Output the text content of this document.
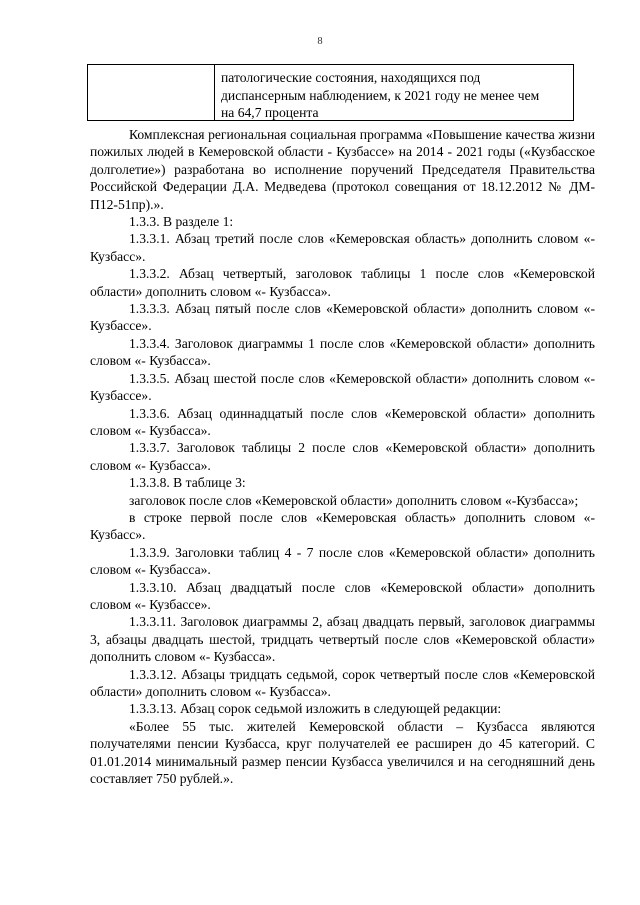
8
патологические состояния, находящихся под
диспансерным наблюдением, к 2021 году не менее чем
на 64,7 процента

Комплексная региональная социальная программа «Повышение качества жизни пожилых людей в Кемеровской области - Кузбассе» на 2014 - 2021 годы («Кузбасское долголетие») разработана во исполнение поручений Председателя Правительства Российской Федерации Д.А. Медведева (протокол совещания от 18.12.2012 № ДМ-П12-51пр).».

1.3.3. В разделе 1:

1.3.3.1. Абзац третий после слов «Кемеровская область» дополнить словом «- Кузбасс».

1.3.3.2. Абзац четвертый, заголовок таблицы 1 после слов «Кемеровской области» дополнить словом «- Кузбасса».

1.3.3.3. Абзац пятый после слов «Кемеровской области» дополнить словом «- Кузбассе».

1.3.3.4. Заголовок диаграммы 1 после слов «Кемеровской области» дополнить словом «- Кузбасса».

1.3.3.5. Абзац шестой после слов «Кемеровской области» дополнить словом «- Кузбассе».

1.3.3.6. Абзац одиннадцатый после слов «Кемеровской области» дополнить словом «- Кузбасса».

1.3.3.7. Заголовок таблицы 2 после слов «Кемеровской области» дополнить словом «- Кузбасса».

1.3.3.8. В таблице 3:

заголовок после слов «Кемеровской области» дополнить словом «-Кузбасса»;

в строке первой после слов «Кемеровская область» дополнить словом «- Кузбасс».

1.3.3.9. Заголовки таблиц 4 - 7 после слов «Кемеровской области» дополнить словом «- Кузбасса».

1.3.3.10. Абзац двадцатый после слов «Кемеровской области» дополнить словом «- Кузбассе».

1.3.3.11. Заголовок диаграммы 2, абзац двадцать первый, заголовок диаграммы 3, абзацы двадцать шестой, тридцать четвертый после слов «Кемеровской области» дополнить словом «- Кузбасса».

1.3.3.12. Абзацы тридцать седьмой, сорок четвертый после слов «Кемеровской области» дополнить словом «- Кузбасса».

1.3.3.13. Абзац сорок седьмой изложить в следующей редакции:

«Более 55 тыс. жителей Кемеровской области – Кузбасса являются получателями пенсии Кузбасса, круг получателей ее расширен до 45 категорий. С 01.01.2014 минимальный размер пенсии Кузбасса увеличился и на сегодняшний день составляет 750 рублей.».
